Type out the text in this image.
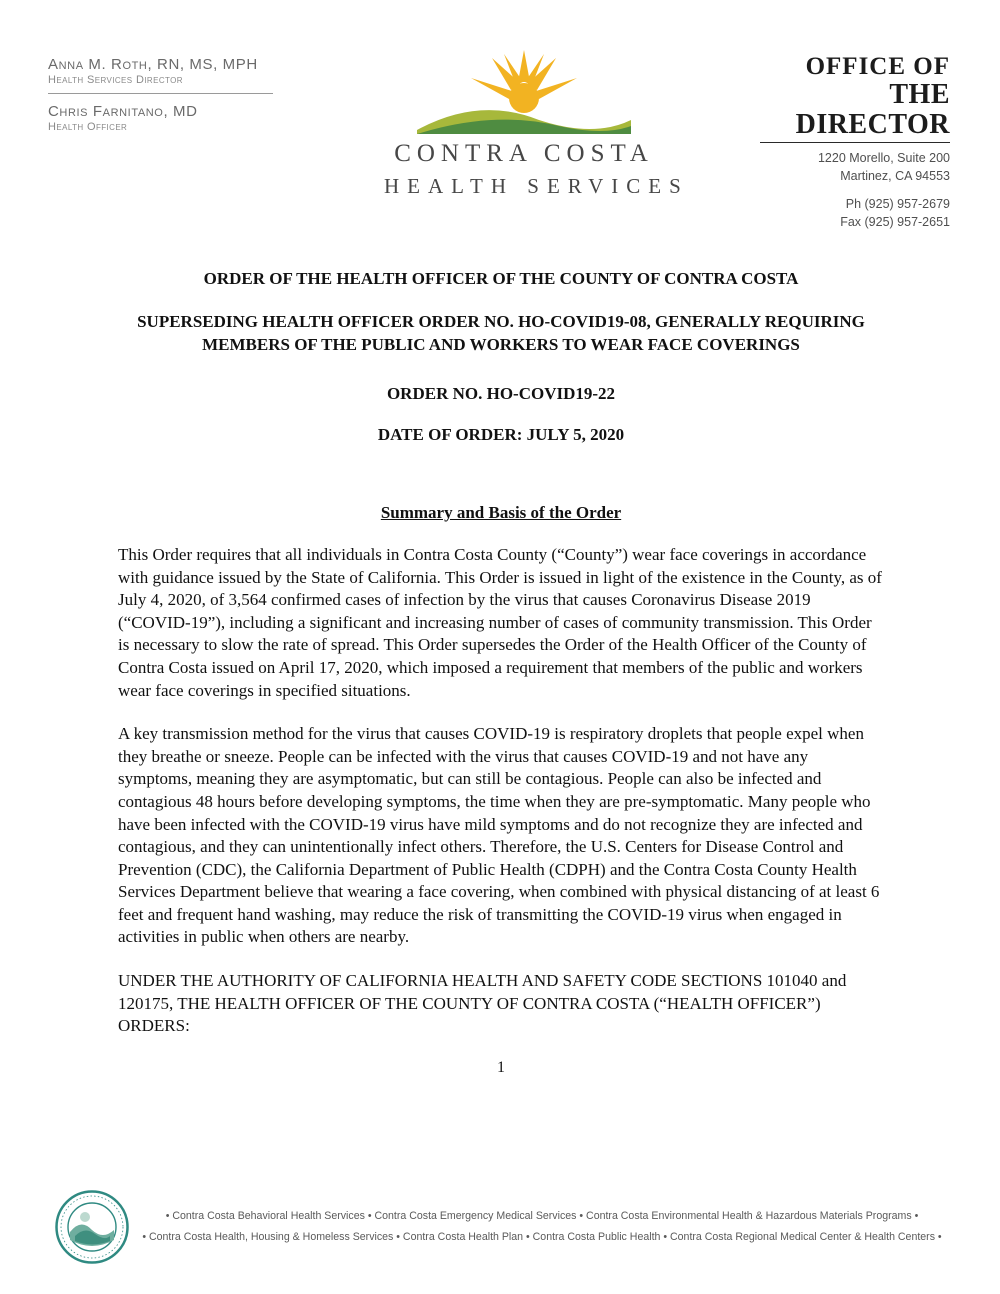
Anna M. Roth, RN, MS, MPH
Health Services Director
Chris Farnitano, MD
Health Officer
CONTRA COSTA
HEALTH SERVICES
OFFICE OF
THE DIRECTOR
1220 Morello, Suite 200
Martinez, CA 94553
Ph (925) 957-2679
Fax (925) 957-2651
ORDER OF THE HEALTH OFFICER OF THE COUNTY OF CONTRA COSTA
SUPERSEDING HEALTH OFFICER ORDER NO. HO-COVID19-08, GENERALLY REQUIRING MEMBERS OF THE PUBLIC AND WORKERS TO WEAR FACE COVERINGS

ORDER NO. HO-COVID19-22

DATE OF ORDER: JULY 5, 2020

Summary and Basis of the Order

This Order requires that all individuals in Contra Costa County (“County”) wear face coverings in accordance with guidance issued by the State of California. This Order is issued in light of the existence in the County, as of July 4, 2020, of 3,564 confirmed cases of infection by the virus that causes Coronavirus Disease 2019 (“COVID-19”), including a significant and increasing number of cases of community transmission. This Order is necessary to slow the rate of spread. This Order supersedes the Order of the Health Officer of the County of Contra Costa issued on April 17, 2020, which imposed a requirement that members of the public and workers wear face coverings in specified situations.

A key transmission method for the virus that causes COVID-19 is respiratory droplets that people expel when they breathe or sneeze. People can be infected with the virus that causes COVID-19 and not have any symptoms, meaning they are asymptomatic, but can still be contagious. People can also be infected and contagious 48 hours before developing symptoms, the time when they are pre-symptomatic. Many people who have been infected with the COVID-19 virus have mild symptoms and do not recognize they are infected and contagious, and they can unintentionally infect others. Therefore, the U.S. Centers for Disease Control and Prevention (CDC), the California Department of Public Health (CDPH) and the Contra Costa County Health Services Department believe that wearing a face covering, when combined with physical distancing of at least 6 feet and frequent hand washing, may reduce the risk of transmitting the COVID-19 virus when engaged in activities in public when others are nearby.

UNDER THE AUTHORITY OF CALIFORNIA HEALTH AND SAFETY CODE SECTIONS 101040 and 120175, THE HEALTH OFFICER OF THE COUNTY OF CONTRA COSTA (“HEALTH OFFICER”) ORDERS:

1
• Contra Costa Behavioral Health Services • Contra Costa Emergency Medical Services • Contra Costa Environmental Health & Hazardous Materials Programs •
• Contra Costa Health, Housing & Homeless Services • Contra Costa Health Plan • Contra Costa Public Health • Contra Costa Regional Medical Center & Health Centers •
